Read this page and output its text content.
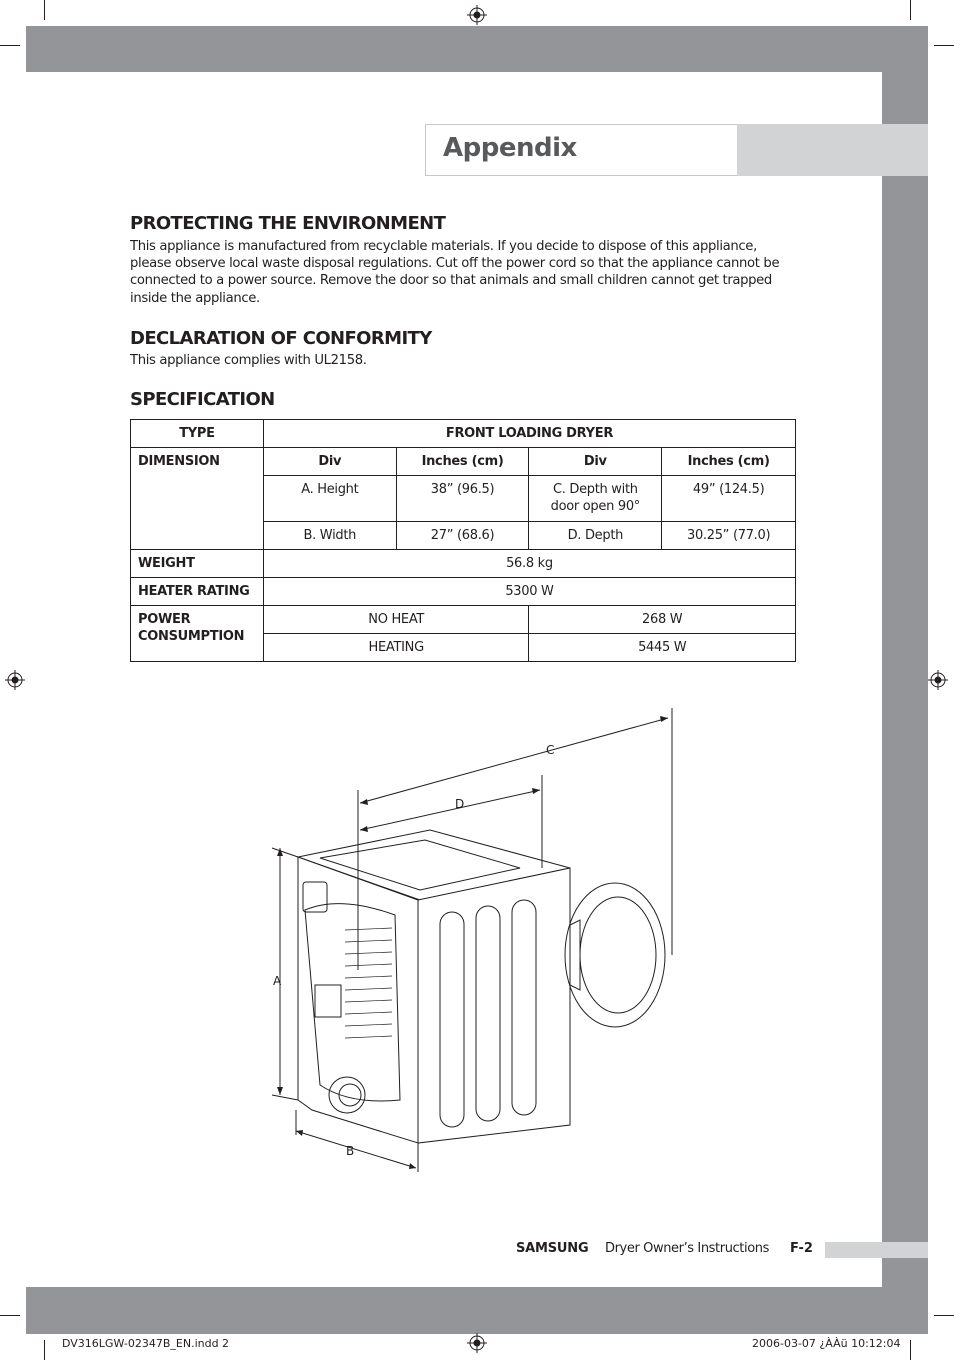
Appendix
PROTECTING THE ENVIRONMENT
This appliance is manufactured from recyclable materials. If you decide to dispose of this appliance,
please observe local waste disposal regulations. Cut off the power cord so that the appliance cannot be
connected to a power source. Remove the door so that animals and small children cannot get trapped
inside the appliance.
DECLARATION OF CONFORMITY
This appliance complies with UL2158.
SPECIFICATION
TYPE	FRONT LOADING DRYER			
DIMENSION	Div	Inches (cm)	Div	Inches (cm)
	A. Height	38” (96.5)	C. Depth with door open 90°	49” (124.5)
	B. Width	27” (68.6)	D. Depth	30.25” (77.0)
WEIGHT	56.8 kg			
HEATER RATING	5300 W			

POWER
CONSUMPTION	NO HEAT		268 W	
	HEATING		5445 W	
A
B
C
D
SAMSUNG Dryer Owner’s Instructions F-2
DV316LGW-02347B_EN.indd 2	2006-03-07 ¿ÀÀü 10:12:04
